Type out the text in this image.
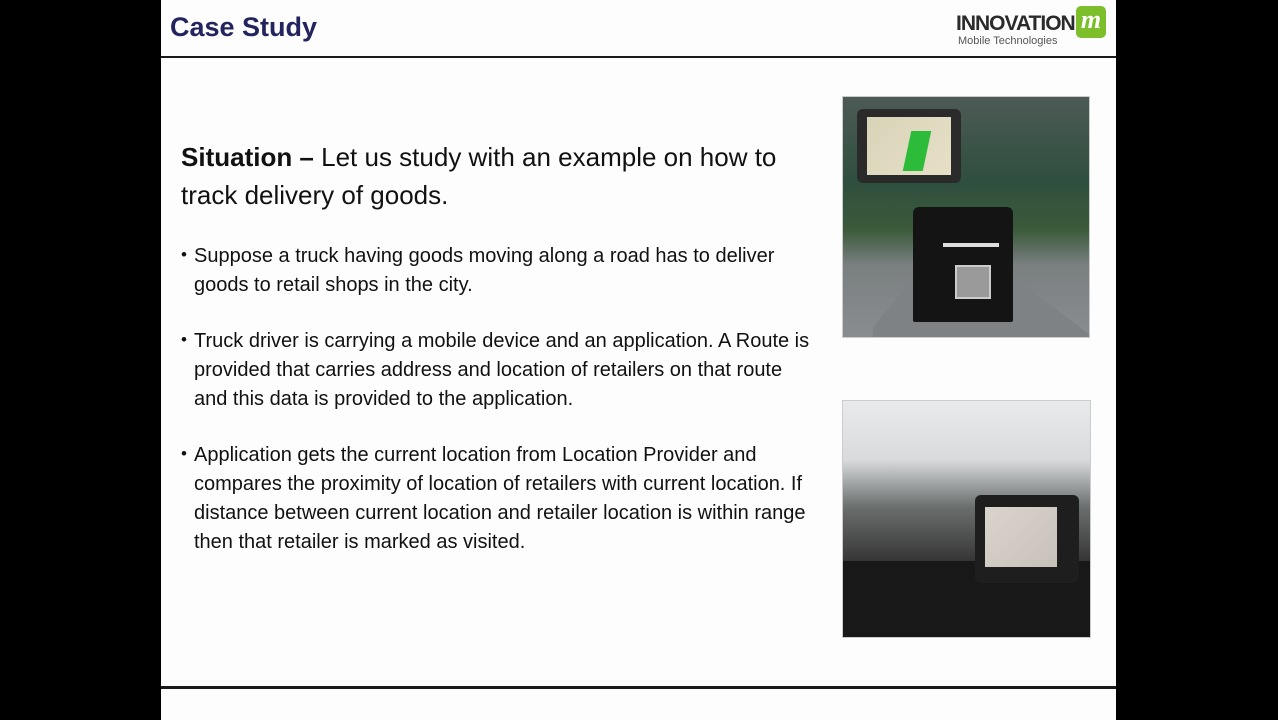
Case Study	INNOVATION m
Mobile Technologies

Situation – Let us study with an example on how to track delivery of goods.

• Suppose a truck having goods moving along a road has to deliver goods to retail shops in the city.
• Truck driver is carrying a mobile device and an application. A Route is provided that carries address and location of retailers on that route and this data is provided to the application.
• Application gets the current location from Location Provider and compares the proximity of location of retailers with current location. If distance between current location and retailer location is within range then that retailer is marked as visited.
